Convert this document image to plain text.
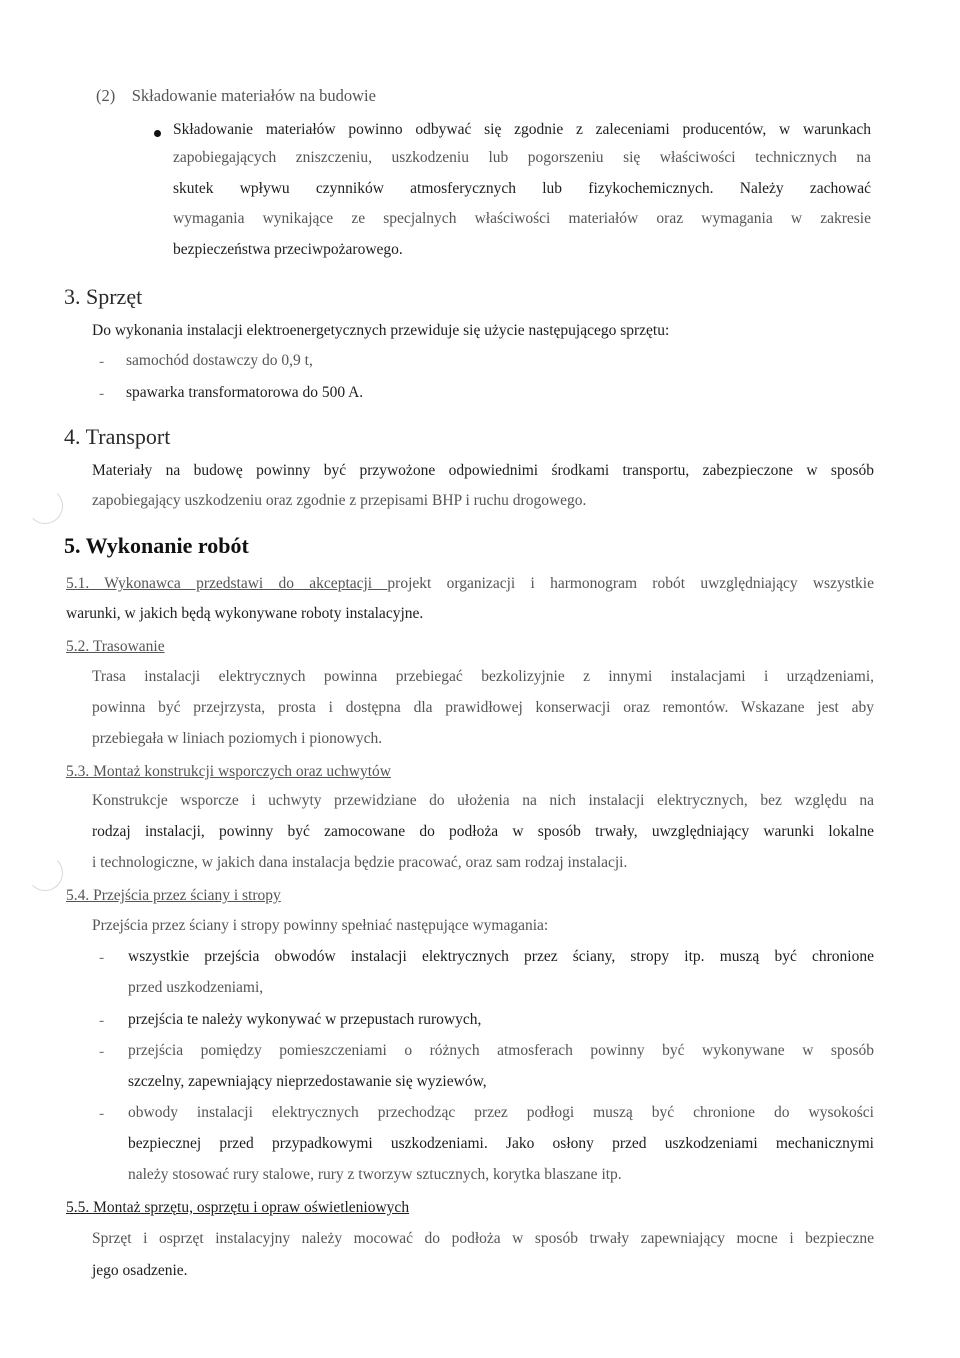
(2)    Składowanie materiałów na budowie
Składowanie materiałów powinno odbywać się zgodnie z zaleceniami producentów, w warunkach
zapobiegających zniszczeniu, uszkodzeniu lub pogorszeniu się właściwości technicznych na
skutek wpływu czynników atmosferycznych lub fizykochemicznych. Należy zachować
wymagania wynikające ze specjalnych właściwości materiałów oraz wymagania w zakresie
bezpieczeństwa przeciwpożarowego.
3. Sprzęt
Do wykonania instalacji elektroenergetycznych przewiduje się użycie następującego sprzętu:
- samochód dostawczy do 0,9 t,
- spawarka transformatorowa do 500 A.
4. Transport
Materiały na budowę powinny być przywożone odpowiednimi środkami transportu, zabezpieczone w sposób
zapobiegający uszkodzeniu oraz zgodnie z przepisami BHP i ruchu drogowego.
5. Wykonanie robót
5.1. Wykonawca przedstawi do akceptacji projekt organizacji i harmonogram robót uwzględniający wszystkie
warunki, w jakich będą wykonywane roboty instalacyjne.
5.2. Trasowanie
Trasa instalacji elektrycznych powinna przebiegać bezkolizyjnie z innymi instalacjami i urządzeniami,
powinna być przejrzysta, prosta i dostępna dla prawidłowej konserwacji oraz remontów. Wskazane jest aby
przebiegała w liniach poziomych i pionowych.
5.3. Montaż konstrukcji wsporczych oraz uchwytów
Konstrukcje wsporcze i uchwyty przewidziane do ułożenia na nich instalacji elektrycznych, bez względu na
rodzaj instalacji, powinny być zamocowane do podłoża w sposób trwały, uwzględniający warunki lokalne
i technologiczne, w jakich dana instalacja będzie pracować, oraz sam rodzaj instalacji.
5.4. Przejścia przez ściany i stropy
Przejścia przez ściany i stropy powinny spełniać następujące wymagania:
- wszystkie przejścia obwodów instalacji elektrycznych przez ściany, stropy itp. muszą być chronione
przed uszkodzeniami,
- przejścia te należy wykonywać w przepustach rurowych,
- przejścia pomiędzy pomieszczeniami o różnych atmosferach powinny być wykonywane w sposób
szczelny, zapewniający nieprzedostawanie się wyziewów,
- obwody instalacji elektrycznych przechodząc przez podłogi muszą być chronione do wysokości
bezpiecznej przed przypadkowymi uszkodzeniami. Jako osłony przed uszkodzeniami mechanicznymi
należy stosować rury stalowe, rury z tworzyw sztucznych, korytka blaszane itp.
5.5. Montaż sprzętu, osprzętu i opraw oświetleniowych
Sprzęt i osprzęt instalacyjny należy mocować do podłoża w sposób trwały zapewniający mocne i bezpieczne
jego osadzenie.
